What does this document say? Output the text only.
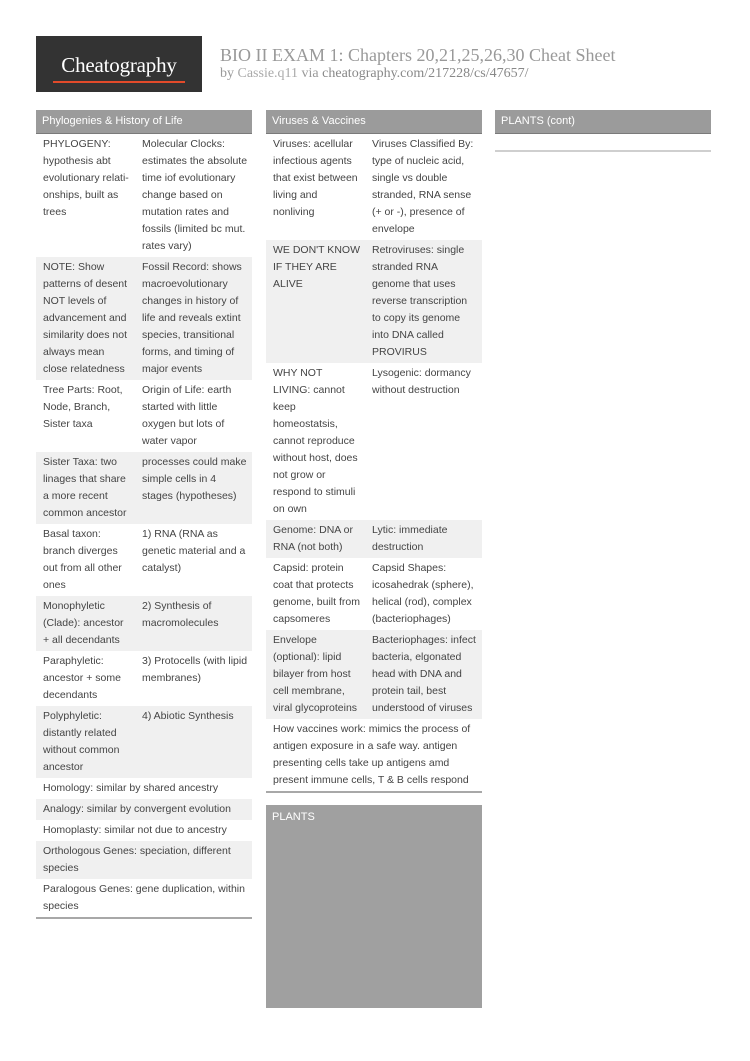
Cheatography	BIO II EXAM 1: Chapters 20,21,25,26,30 Cheat Sheet
by Cassie.q11 via cheatography.com/217228/cs/47657/
Phylogenies & History of Life
PHYLOGENY: hypothesis abt evolutionary relationships, built as trees
Molecular Clocks: estimates the absolute time iof evolutionary change based on mutation rates and fossils (limited bc mut. rates vary)
NOTE: Show patterns of desent NOT levels of advancement and similarity does not always mean close relatedness
Fossil Record: shows macroevolutionary changes in history of life and reveals extint species, transitional forms, and timing of major events
Tree Parts: Root, Node, Branch, Sister taxa
Origin of Life: earth started with little oxygen but lots of water vapor
Sister Taxa: two linages that share a more recent common ancestor
processes could make simple cells in 4 stages (hypotheses)
Basal taxon: branch diverges out from all other ones
1) RNA (RNA as genetic material and a catalyst)
Monophyletic (Clade): ancestor + all decendants
2) Synthesis of macromolecules
Paraphyletic: ancestor + some decendants
3) Protocells (with lipid membranes)
Polyphyletic: distantly related without common ancestor
4) Abiotic Synthesis
Homology: similar by shared ancestry
Analogy: similar by convergent evolution
Homoplasty: similar not due to ancestry
Orthologous Genes: speciation, different species
Paralogous Genes: gene duplication, within species
Viruses & Vaccines
Viruses: acellular infectious agents that exist between living and nonliving
Viruses Classified By: type of nucleic acid, single vs double stranded, RNA sense (+ or -), presence of envelope
WE DON'T KNOW IF THEY ARE ALIVE
Retroviruses: single stranded RNA genome that uses reverse transcription to copy its genome into DNA called PROVIRUS
WHY NOT LIVING: cannot keep homeostatsis, cannot reproduce without host, does not grow or respond to stimuli on own
Lysogenic: dormancy without destruction
Genome: DNA or RNA (not both)
Lytic: immediate destruction
Capsid: protein coat that protects genome, built from capsomeres
Capsid Shapes: icosahedrak (sphere), helical (rod), complex (bacteriophages)
Envelope (optional): lipid bilayer from host cell membrane, viral glycoproteins
Bacteriophages: infect bacteria, elgonated head with DNA and protein tail, best understood of viruses
How vaccines work: mimics the process of antigen exposure in a safe way. antigen presenting cells take up antigens amd present immune cells, T & B cells respond
PLANTS
PLANTS (cont)
